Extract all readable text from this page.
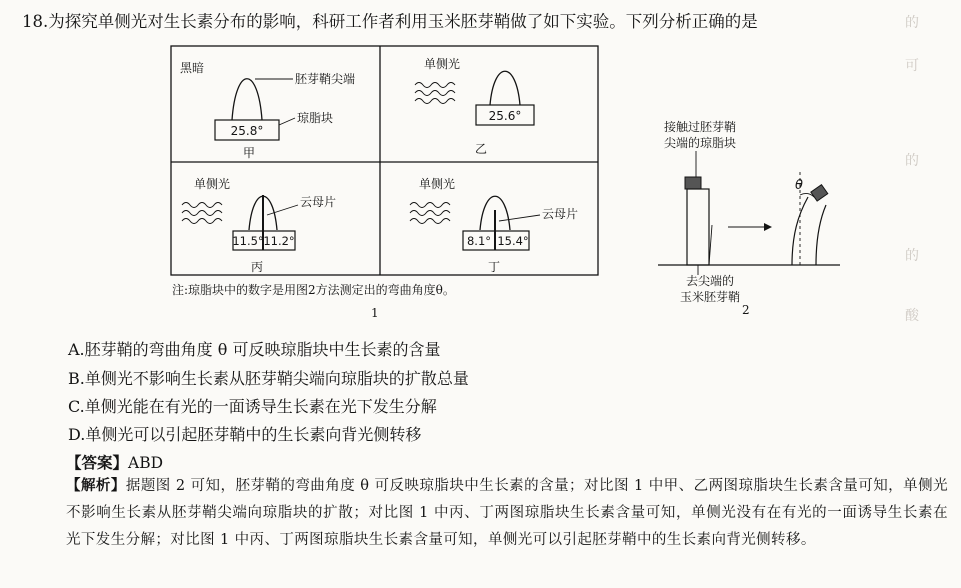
的
可
的
的
酸
18.为探究单侧光对生长素分布的影响，科研工作者利用玉米胚芽鞘做了如下实验。下列分析正确的是
黑暗
25.8°
胚芽鞘尖端
琼脂块
甲
单侧光
25.6°
乙
单侧光
11.5° 11.2°
云母片
丙
单侧光
8.1° 15.4°
云母片
丁
注:琼脂块中的数字是用图2方法测定出的弯曲角度θ。
1
接触过胚芽鞘
尖端的琼脂块
θ
去尖端的
玉米胚芽鞘
2
A.胚芽鞘的弯曲角度 θ 可反映琼脂块中生长素的含量
B.单侧光不影响生长素从胚芽鞘尖端向琼脂块的扩散总量
C.单侧光能在有光的一面诱导生长素在光下发生分解
D.单侧光可以引起胚芽鞘中的生长素向背光侧转移
【答案】ABD
【解析】据题图 2 可知，胚芽鞘的弯曲角度 θ 可反映琼脂块中生长素的含量；对比图 1 中甲、乙两图琼脂块生长素含量可知，单侧光不影响生长素从胚芽鞘尖端向琼脂块的扩散；对比图 1 中丙、丁两图琼脂块生长素含量可知，单侧光没有在有光的一面诱导生长素在光下发生分解；对比图 1 中丙、丁两图琼脂块生长素含量可知，单侧光可以引起胚芽鞘中的生长素向背光侧转移。
